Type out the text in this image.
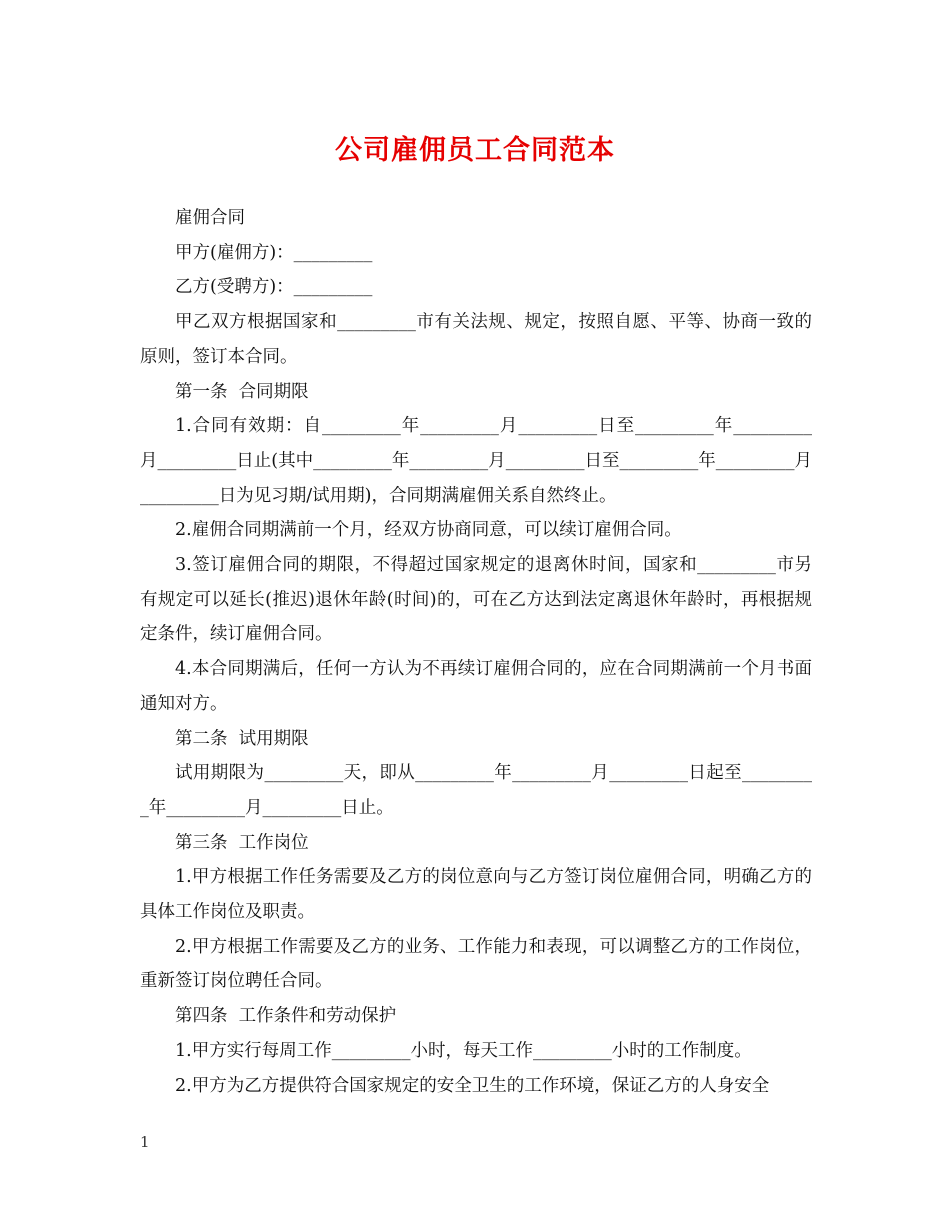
公司雇佣员工合同范本

雇佣合同

甲方(雇佣方)：_________

乙方(受聘方)：_________

甲乙双方根据国家和_________市有关法规、规定，按照自愿、平等、协商一致的原则，签订本合同。

第一条  合同期限

1.合同有效期：自_________年_________月_________日至_________年_________月_________日止(其中_________年_________月_________日至_________年_________月_________日为见习期/试用期)，合同期满雇佣关系自然终止。

2.雇佣合同期满前一个月，经双方协商同意，可以续订雇佣合同。

3.签订雇佣合同的期限，不得超过国家规定的退离休时间，国家和_________市另有规定可以延长(推迟)退休年龄(时间)的，可在乙方达到法定离退休年龄时，再根据规定条件，续订雇佣合同。

4.本合同期满后，任何一方认为不再续订雇佣合同的，应在合同期满前一个月书面通知对方。

第二条  试用期限

试用期限为_________天，即从_________年_________月_________日起至_________年_________月_________日止。

第三条  工作岗位

1.甲方根据工作任务需要及乙方的岗位意向与乙方签订岗位雇佣合同，明确乙方的具体工作岗位及职责。

2.甲方根据工作需要及乙方的业务、工作能力和表现，可以调整乙方的工作岗位，重新签订岗位聘任合同。

第四条  工作条件和劳动保护

1.甲方实行每周工作_________小时，每天工作_________小时的工作制度。

2.甲方为乙方提供符合国家规定的安全卫生的工作环境，保证乙方的人身安全

1
